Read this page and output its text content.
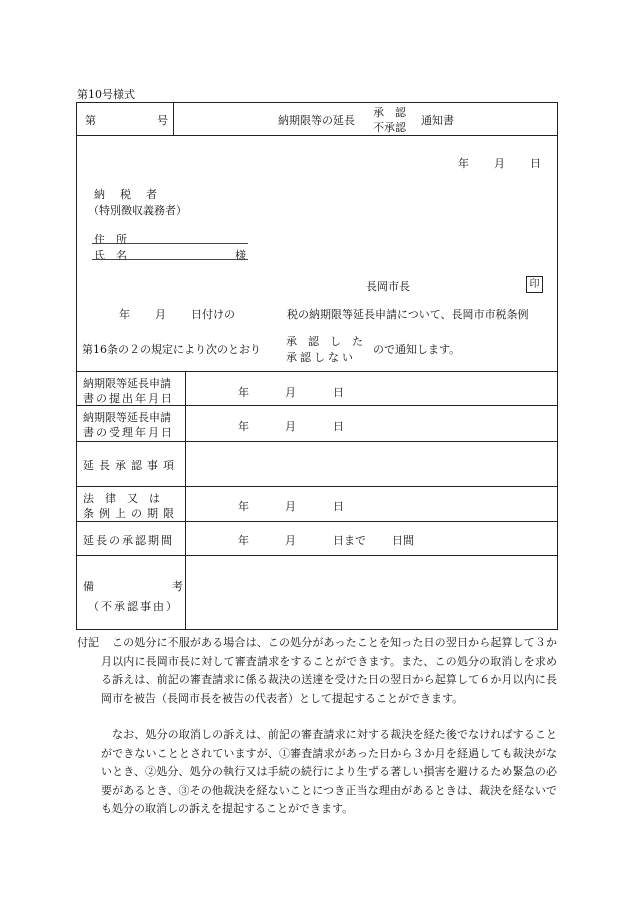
第10号様式
第	号	納期限等の延長
承　認
不承認
通知書
年 月 日
納　税　者
（特別徴収義務者）
住　所
氏　名	様
長岡市長	印
年 月 日付けの	税の納期限等延長申請について、長岡市市税条例
第16条の２の規定により次のとおり
承　認　し　た
承認しない
ので通知します。
納期限等延長申請
書の提出年月日	年	月	日
納期限等延長申請
書の受理年月日	年	月	日
延長承認事項
法　律　又　は
条例上の期限
年	月	日
延長の承認期間	年	月	日まで 日間
備考
（不承認事由）
付記	この処分に不服がある場合は、この処分があったことを知った日の翌日から起算して３か月以内に長岡市長に対して審査請求をすることができます。また、この処分の取消しを求める訴えは、前記の審査請求に係る裁決の送達を受けた日の翌日から起算して６か月以内に長岡市を被告（長岡市長を被告の代表者）として提起することができます。
なお、処分の取消しの訴えは、前記の審査請求に対する裁決を経た後でなければすることができないこととされていますが、①審査請求があった日から３か月を経過しても裁決がないとき、②処分、処分の執行又は手続の続行により生ずる著しい損害を避けるため緊急の必要があるとき、③その他裁決を経ないことにつき正当な理由があるときは、裁決を経ないでも処分の取消しの訴えを提起することができます。
